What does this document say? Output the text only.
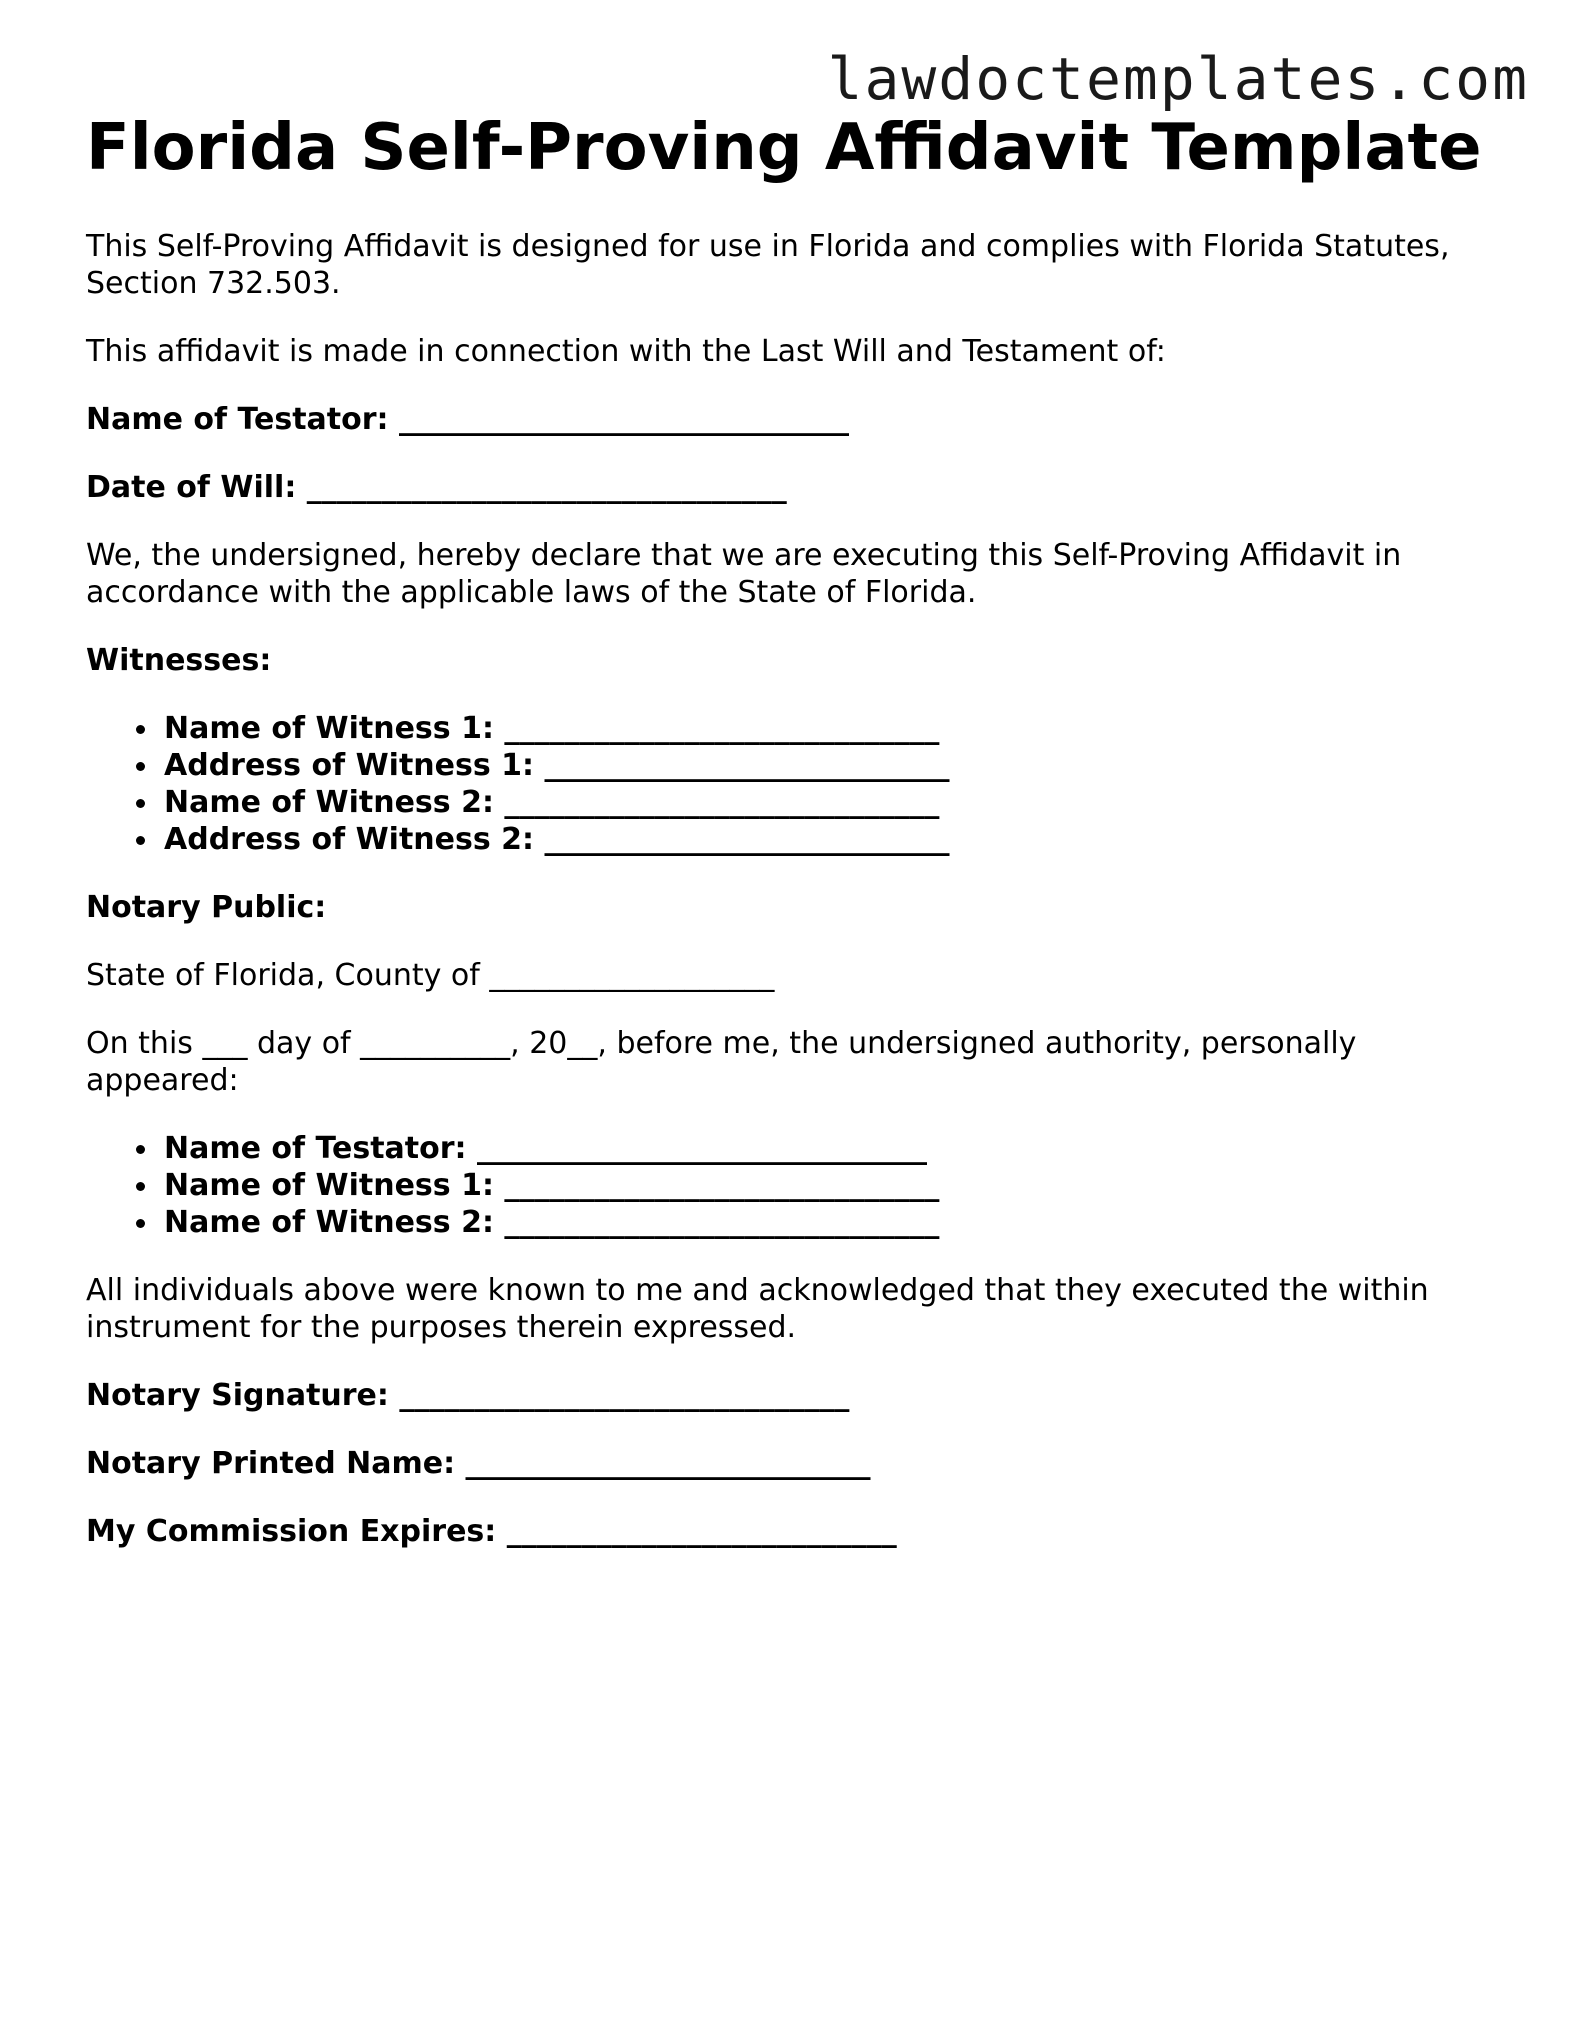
lawdoctemplates.com
Florida Self-Proving Affidavit Template

This Self-Proving Affidavit is designed for use in Florida and complies with Florida Statutes, Section 732.503.

This affidavit is made in connection with the Last Will and Testament of:

Name of Testator: ______________________________

Date of Will: ________________________________

We, the undersigned, hereby declare that we are executing this Self-Proving Affidavit in accordance with the applicable laws of the State of Florida.

Witnesses:

Name of Witness 1: _____________________________
Address of Witness 1: ___________________________
Name of Witness 2: _____________________________
Address of Witness 2: ___________________________

Notary Public:

State of Florida, County of ___________________

On this ___ day of __________, 20__, before me, the undersigned authority, personally appeared:

Name of Testator: ______________________________
Name of Witness 1: _____________________________
Name of Witness 2: _____________________________

All individuals above were known to me and acknowledged that they executed the within instrument for the purposes therein expressed.

Notary Signature: ______________________________

Notary Printed Name: ___________________________

My Commission Expires: __________________________
